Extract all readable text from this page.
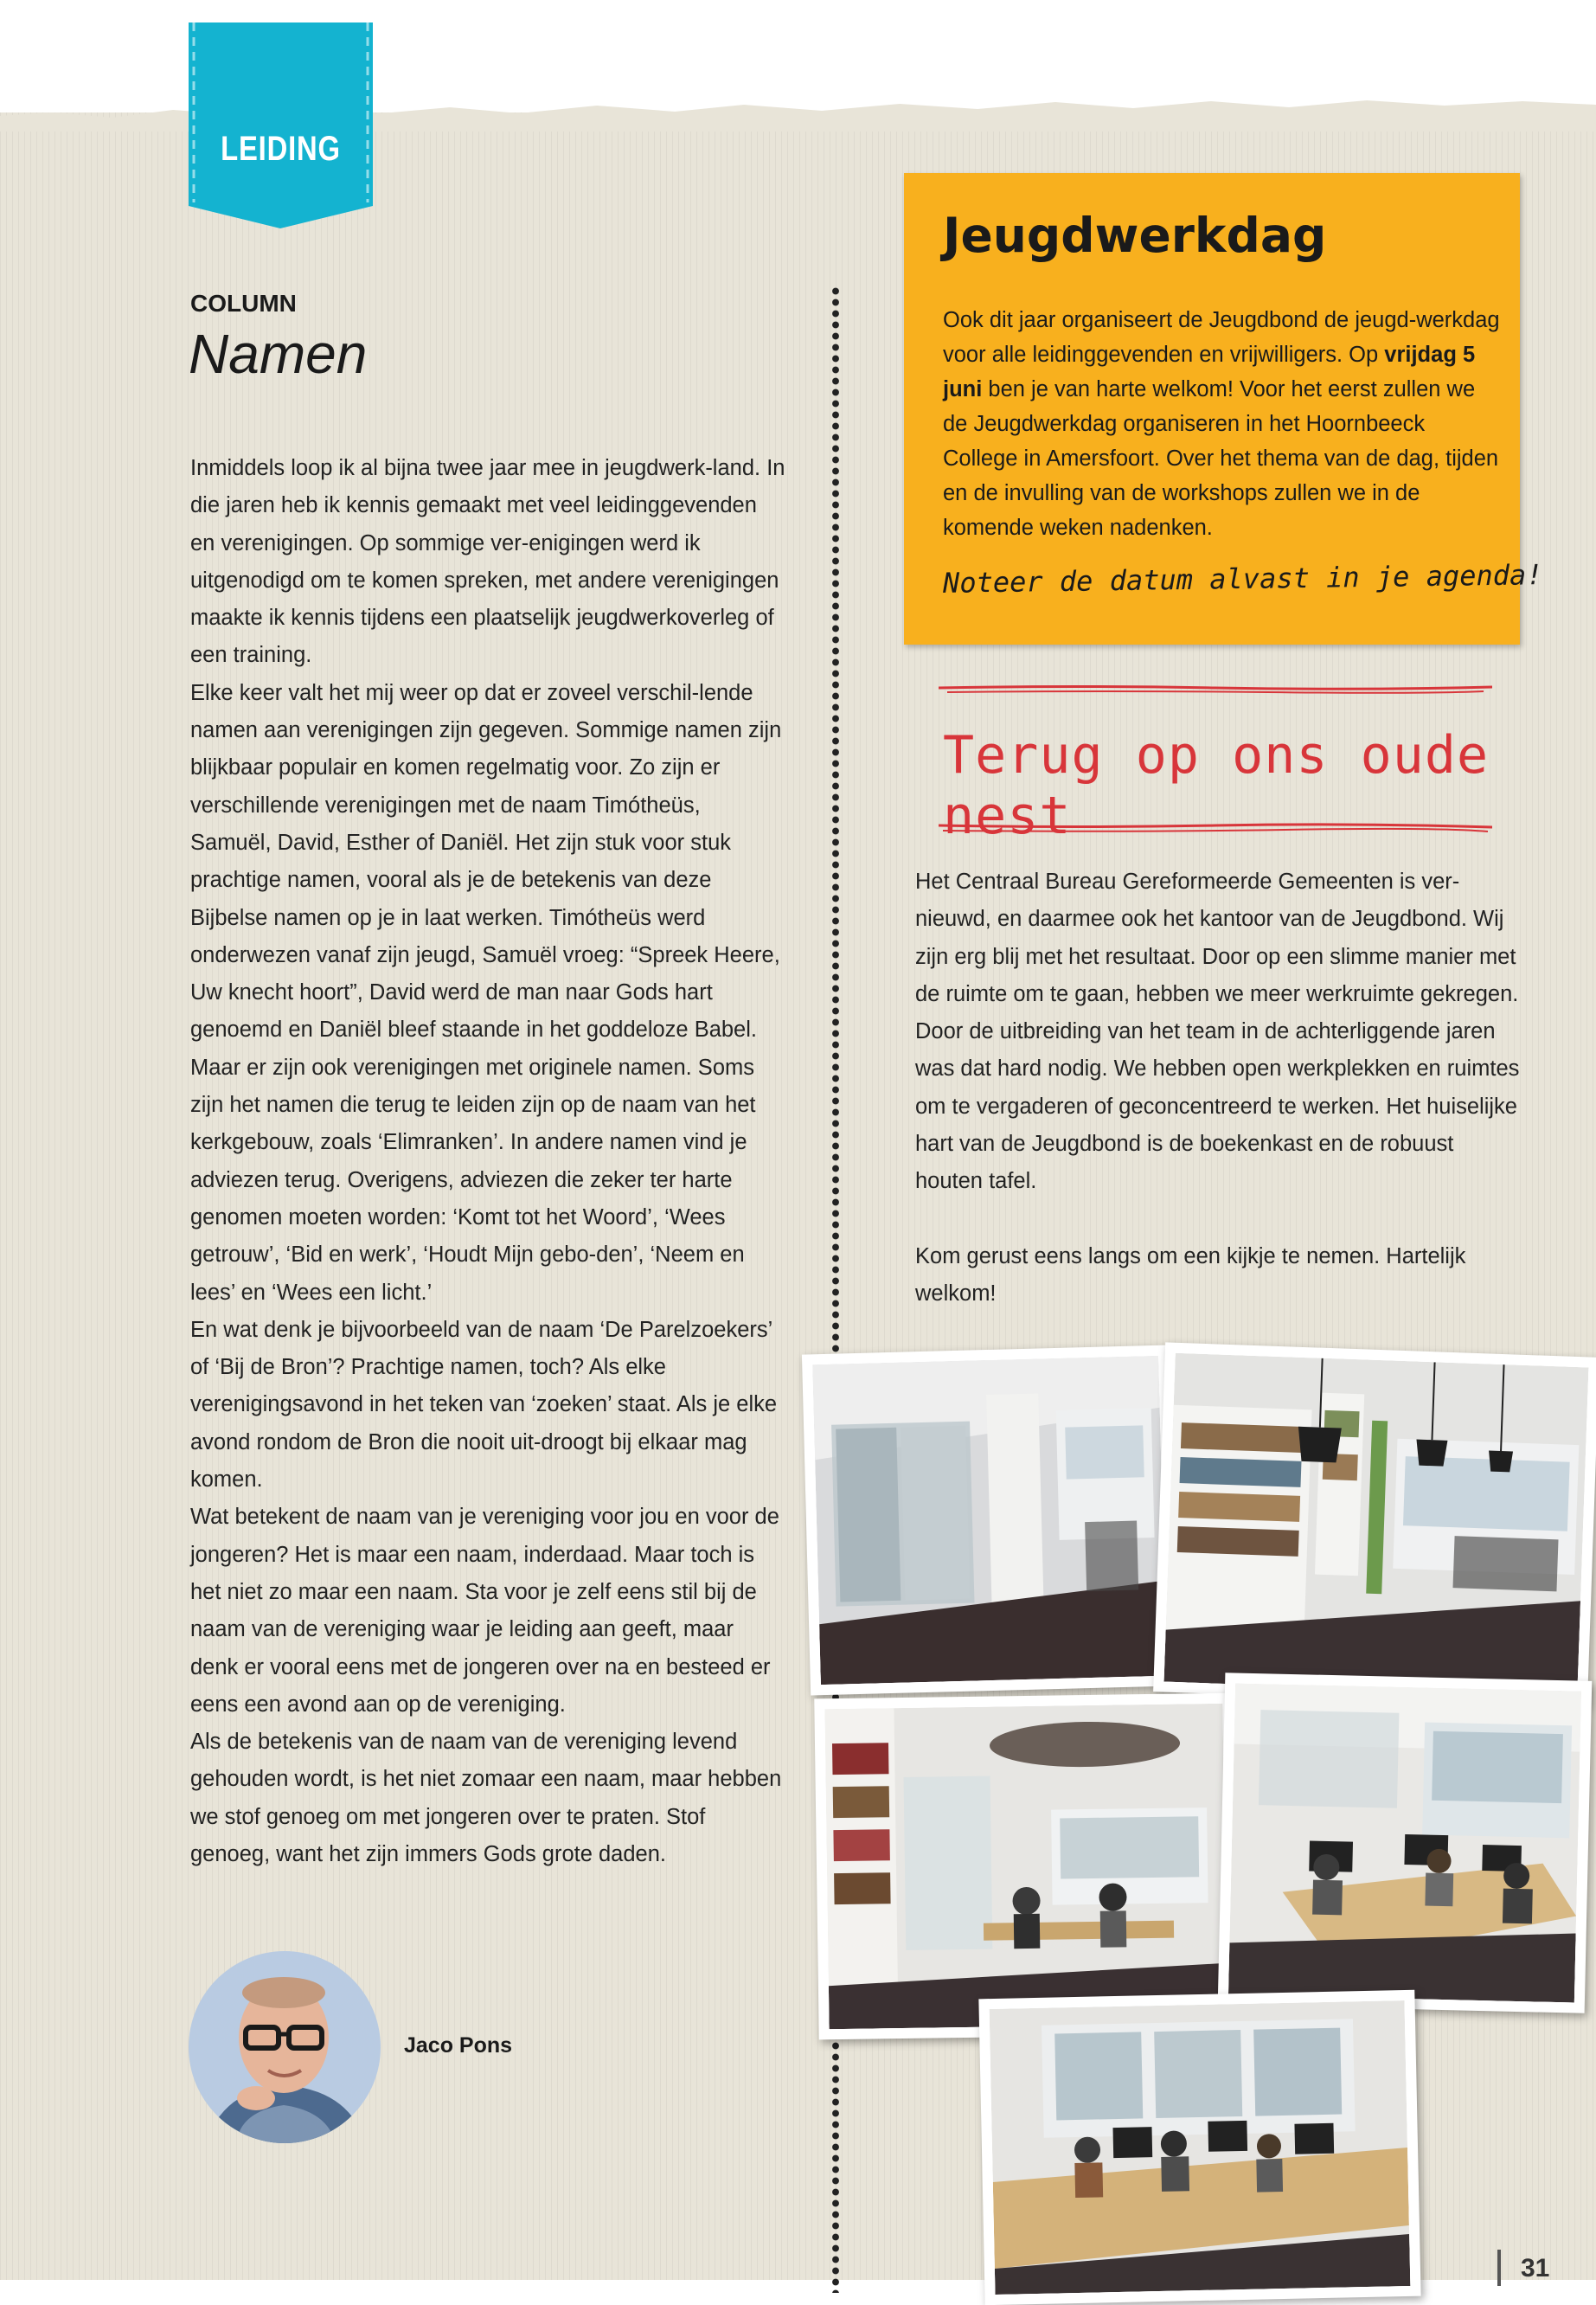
LEIDING
COLUMN
Namen

Inmiddels loop ik al bijna twee jaar mee in jeugdwerk-land. In die jaren heb ik kennis gemaakt met veel leidinggevenden en verenigingen. Op sommige ver-enigingen werd ik uitgenodigd om te komen spreken, met andere verenigingen maakte ik kennis tijdens een plaatselijk jeugdwerkoverleg of een training.

Elke keer valt het mij weer op dat er zoveel verschil-lende namen aan verenigingen zijn gegeven. Sommige namen zijn blijkbaar populair en komen regelmatig voor. Zo zijn er verschillende verenigingen met de naam Timótheüs, Samuël, David, Esther of Daniël. Het zijn stuk voor stuk prachtige namen, vooral als je de betekenis van deze Bijbelse namen op je in laat werken. Timótheüs werd onderwezen vanaf zijn jeugd, Samuël vroeg: “Spreek Heere, Uw knecht hoort”, David werd de man naar Gods hart genoemd en Daniël bleef staande in het goddeloze Babel.

Maar er zijn ook verenigingen met originele namen. Soms zijn het namen die terug te leiden zijn op de naam van het kerkgebouw, zoals ‘Elimranken’. In andere namen vind je adviezen terug. Overigens, adviezen die zeker ter harte genomen moeten worden: ‘Komt tot het Woord’, ‘Wees getrouw’, ‘Bid en werk’, ‘Houdt Mijn gebo-den’, ‘Neem en lees’ en ‘Wees een licht.’

En wat denk je bijvoorbeeld van de naam ‘De Parelzoekers’ of ‘Bij de Bron’? Prachtige namen, toch? Als elke verenigingsavond in het teken van ‘zoeken’ staat. Als je elke avond rondom de Bron die nooit uit-droogt bij elkaar mag komen.

Wat betekent de naam van je vereniging voor jou en voor de jongeren? Het is maar een naam, inderdaad. Maar toch is het niet zo maar een naam. Sta voor je zelf eens stil bij de naam van de vereniging waar je leiding aan geeft, maar denk er vooral eens met de jongeren over na en besteed er eens een avond aan op de vereniging.

Als de betekenis van de naam van de vereniging levend gehouden wordt, is het niet zomaar een naam, maar hebben we stof genoeg om met jongeren over te praten. Stof genoeg, want het zijn immers Gods grote daden.

Jaco Pons
Jeugdwerkdag
Ook dit jaar organiseert de Jeugdbond de jeugd-werkdag voor alle leidinggevenden en vrijwilligers. Op vrijdag 5 juni ben je van harte welkom! Voor het eerst zullen we de Jeugdwerkdag organiseren in het Hoornbeeck College in Amersfoort. Over het thema van de dag, tijden en de invulling van de workshops zullen we in de komende weken nadenken.
Noteer de datum alvast in je agenda!
Terug op ons oude nest

Het Centraal Bureau Gereformeerde Gemeenten is ver-nieuwd, en daarmee ook het kantoor van de Jeugdbond. Wij zijn erg blij met het resultaat. Door op een slimme manier met de ruimte om te gaan, hebben we meer werkruimte gekregen. Door de uitbreiding van het team in de achterliggende jaren was dat hard nodig. We hebben open werkplekken en ruimtes om te vergaderen of geconcentreerd te werken. Het huiselijke hart van de Jeugdbond is de boekenkast en de robuust houten tafel.

Kom gerust eens langs om een kijkje te nemen. Hartelijk welkom!

31
